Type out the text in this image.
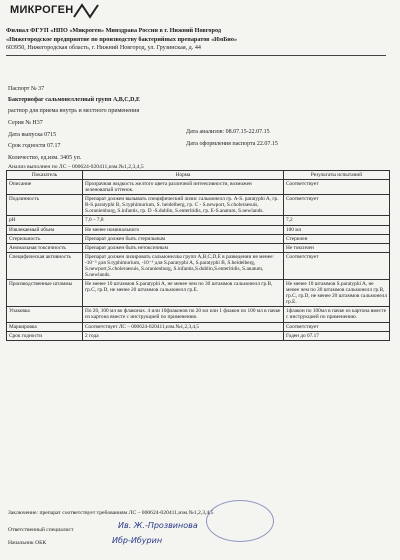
МИКРОГЕН
Филиал ФГУП «НПО «Микроген» Минздрава России в г. Нижний Новгород
«Нижегородское предприятие по производству бактерийных препаратов «ИмБио»
603950, Нижегородская область, г. Нижний Новгород, ул. Грузинская, д. 44
Паспорт № 37
Бактериофаг сальмонеллезный групп A,B,C,D,E
раствор для приема внутрь и местного применения
Серия № Н37
Дата выпуска 0715	Дата анализов: 08.07.15-22.07.15
Срок годности 07.17	Дата оформления паспорта 22.07.15
Количество, ед.изм. 3405 уп.
Анализ выполнен по ЛС – 000624-020411,изм.№1,2,3,4,5
Показатель	Норма	Результаты испытаний
Описание	Прозрачная жидкость желтого цвета различной интенсивности, возможен зеленоватый оттенок.	Соответствует
Подлинность	Препарат должен вызывать специфический лизис сальмонелл гр. A-S. paratyphi A, гр. B-S.paratyphi B, S.typhimurium, S. heidelberg, гр. C - S.newport, S.choleraesuis, S.oranienburg, S.infantis, гр. D -S.dublin, S.enteritidis, гр. E-S.anatum, S.newlands.	Соответствует
pH	7,0 – 7,8	7,2
Извлекаемый объем	Не менее номинального	100 мл
Стерильность	Препарат должен быть стерильным	Стерилен
Аномальная токсичность	Препарат должен быть нетоксичным	Не токсичен
Специфическая активность	Препарат должен лизировать сальмонеллы групп A,B,C,D,E в разведении не менее: -10⁻⁵ для S.typhimurium, -10⁻⁶ для S.paratyphi A, S.paratyphi B, S.heidelberg, S.newport,S.choleraesuis, S.oranienburg, S.infantis,S.dublin,S.enteritidis, S.anatum, S.newlands.	Соответствует
Производственные штаммы	Не менее 10 штаммов S.paratyphi A, не менее чем по 30 штаммов сальмонелл гр.B, гр.C, гр.D, не менее 20 штаммов сальмонелл гр.E.	Не менее 10 штаммов S.paratyphi A, не менее чем по 30 штаммов сальмонелл гр.B, гр.C, гр.D, не менее 20 штаммов сальмонелл гр.E.
Упаковка	По 20, 100 мл во флаконах. 4 или 10флаконов по 20 мл или 1 флакон по 100 мл в пачке из картона вместе с инструкцией по применению.	1флакон по 100мл в пачке из картона вместе с инструкцией по применению.
Маркировка	Соответствует ЛС – 000624-020411,изм.№1,2,3,4,5	Соответствует
Срок годности	2 года	Годен до 07.17
Заключение: препарат соответствует требованиям ЛС – 000624-020411,изм.№1,2,3,4,5
Ответственный специалист
Начальник ОБК
Ив. Ж.-Прозвинова
Ибр-Ибурин
